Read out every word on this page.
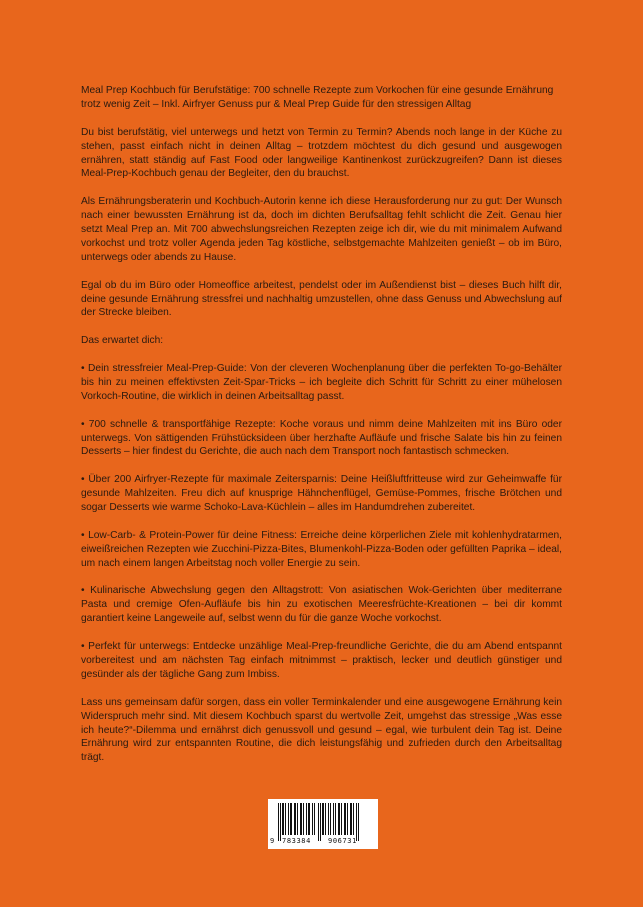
Meal Prep Kochbuch für Berufstätige: 700 schnelle Rezepte zum Vorkochen für eine gesunde Ernährung trotz wenig Zeit – Inkl. Airfryer Genuss pur & Meal Prep Guide für den stressigen Alltag

Du bist berufstätig, viel unterwegs und hetzt von Termin zu Termin? Abends noch lange in der Küche zu stehen, passt einfach nicht in deinen Alltag – trotzdem möchtest du dich gesund und ausgewogen ernähren, statt ständig auf Fast Food oder langweilige Kantinenkost zurückzugreifen? Dann ist dieses Meal-Prep-Kochbuch genau der Begleiter, den du brauchst.

Als Ernährungsberaterin und Kochbuch-Autorin kenne ich diese Herausforderung nur zu gut: Der Wunsch nach einer bewussten Ernährung ist da, doch im dichten Berufsalltag fehlt schlicht die Zeit. Genau hier setzt Meal Prep an. Mit 700 abwechslungsreichen Rezepten zeige ich dir, wie du mit minimalem Aufwand vorkochst und trotz voller Agenda jeden Tag köstliche, selbstgemachte Mahlzeiten genießt – ob im Büro, unterwegs oder abends zu Hause.

Egal ob du im Büro oder Homeoffice arbeitest, pendelst oder im Außendienst bist – dieses Buch hilft dir, deine gesunde Ernährung stressfrei und nachhaltig umzustellen, ohne dass Genuss und Abwechslung auf der Strecke bleiben.

Das erwartet dich:

• Dein stressfreier Meal-Prep-Guide: Von der cleveren Wochenplanung über die perfekten To-go-Behälter bis hin zu meinen effektivsten Zeit-Spar-Tricks – ich begleite dich Schritt für Schritt zu einer mühelosen Vorkoch-Routine, die wirklich in deinen Arbeitsalltag passt.

• 700 schnelle & transportfähige Rezepte: Koche voraus und nimm deine Mahlzeiten mit ins Büro oder unterwegs. Von sättigenden Frühstücksideen über herzhafte Aufläufe und frische Salate bis hin zu feinen Desserts – hier findest du Gerichte, die auch nach dem Transport noch fantastisch schmecken.

• Über 200 Airfryer-Rezepte für maximale Zeitersparnis: Deine Heißluftfritteuse wird zur Geheimwaffe für gesunde Mahlzeiten. Freu dich auf knusprige Hähnchenflügel, Gemüse-Pommes, frische Brötchen und sogar Desserts wie warme Schoko-Lava-Küchlein – alles im Handumdrehen zubereitet.

• Low-Carb- & Protein-Power für deine Fitness: Erreiche deine körperlichen Ziele mit kohlenhydratarmen, eiweißreichen Rezepten wie Zucchini-Pizza-Bites, Blumenkohl-Pizza-Boden oder gefüllten Paprika – ideal, um nach einem langen Arbeitstag noch voller Energie zu sein.

• Kulinarische Abwechslung gegen den Alltagstrott: Von asiatischen Wok-Gerichten über mediterrane Pasta und cremige Ofen-Aufläufe bis hin zu exotischen Meeresfrüchte-Kreationen – bei dir kommt garantiert keine Langeweile auf, selbst wenn du für die ganze Woche vorkochst.

• Perfekt für unterwegs: Entdecke unzählige Meal-Prep-freundliche Gerichte, die du am Abend entspannt vorbereitest und am nächsten Tag einfach mitnimmst – praktisch, lecker und deutlich günstiger und gesünder als der tägliche Gang zum Imbiss.

Lass uns gemeinsam dafür sorgen, dass ein voller Terminkalender und eine ausgewogene Ernährung kein Widerspruch mehr sind. Mit diesem Kochbuch sparst du wertvolle Zeit, umgehst das stressige „Was esse ich heute?“-Dilemma und ernährst dich genussvoll und gesund – egal, wie turbulent dein Tag ist. Deine Ernährung wird zur entspannten Routine, die dich leistungsfähig und zufrieden durch den Arbeitsalltag trägt.

9 783384 906731
